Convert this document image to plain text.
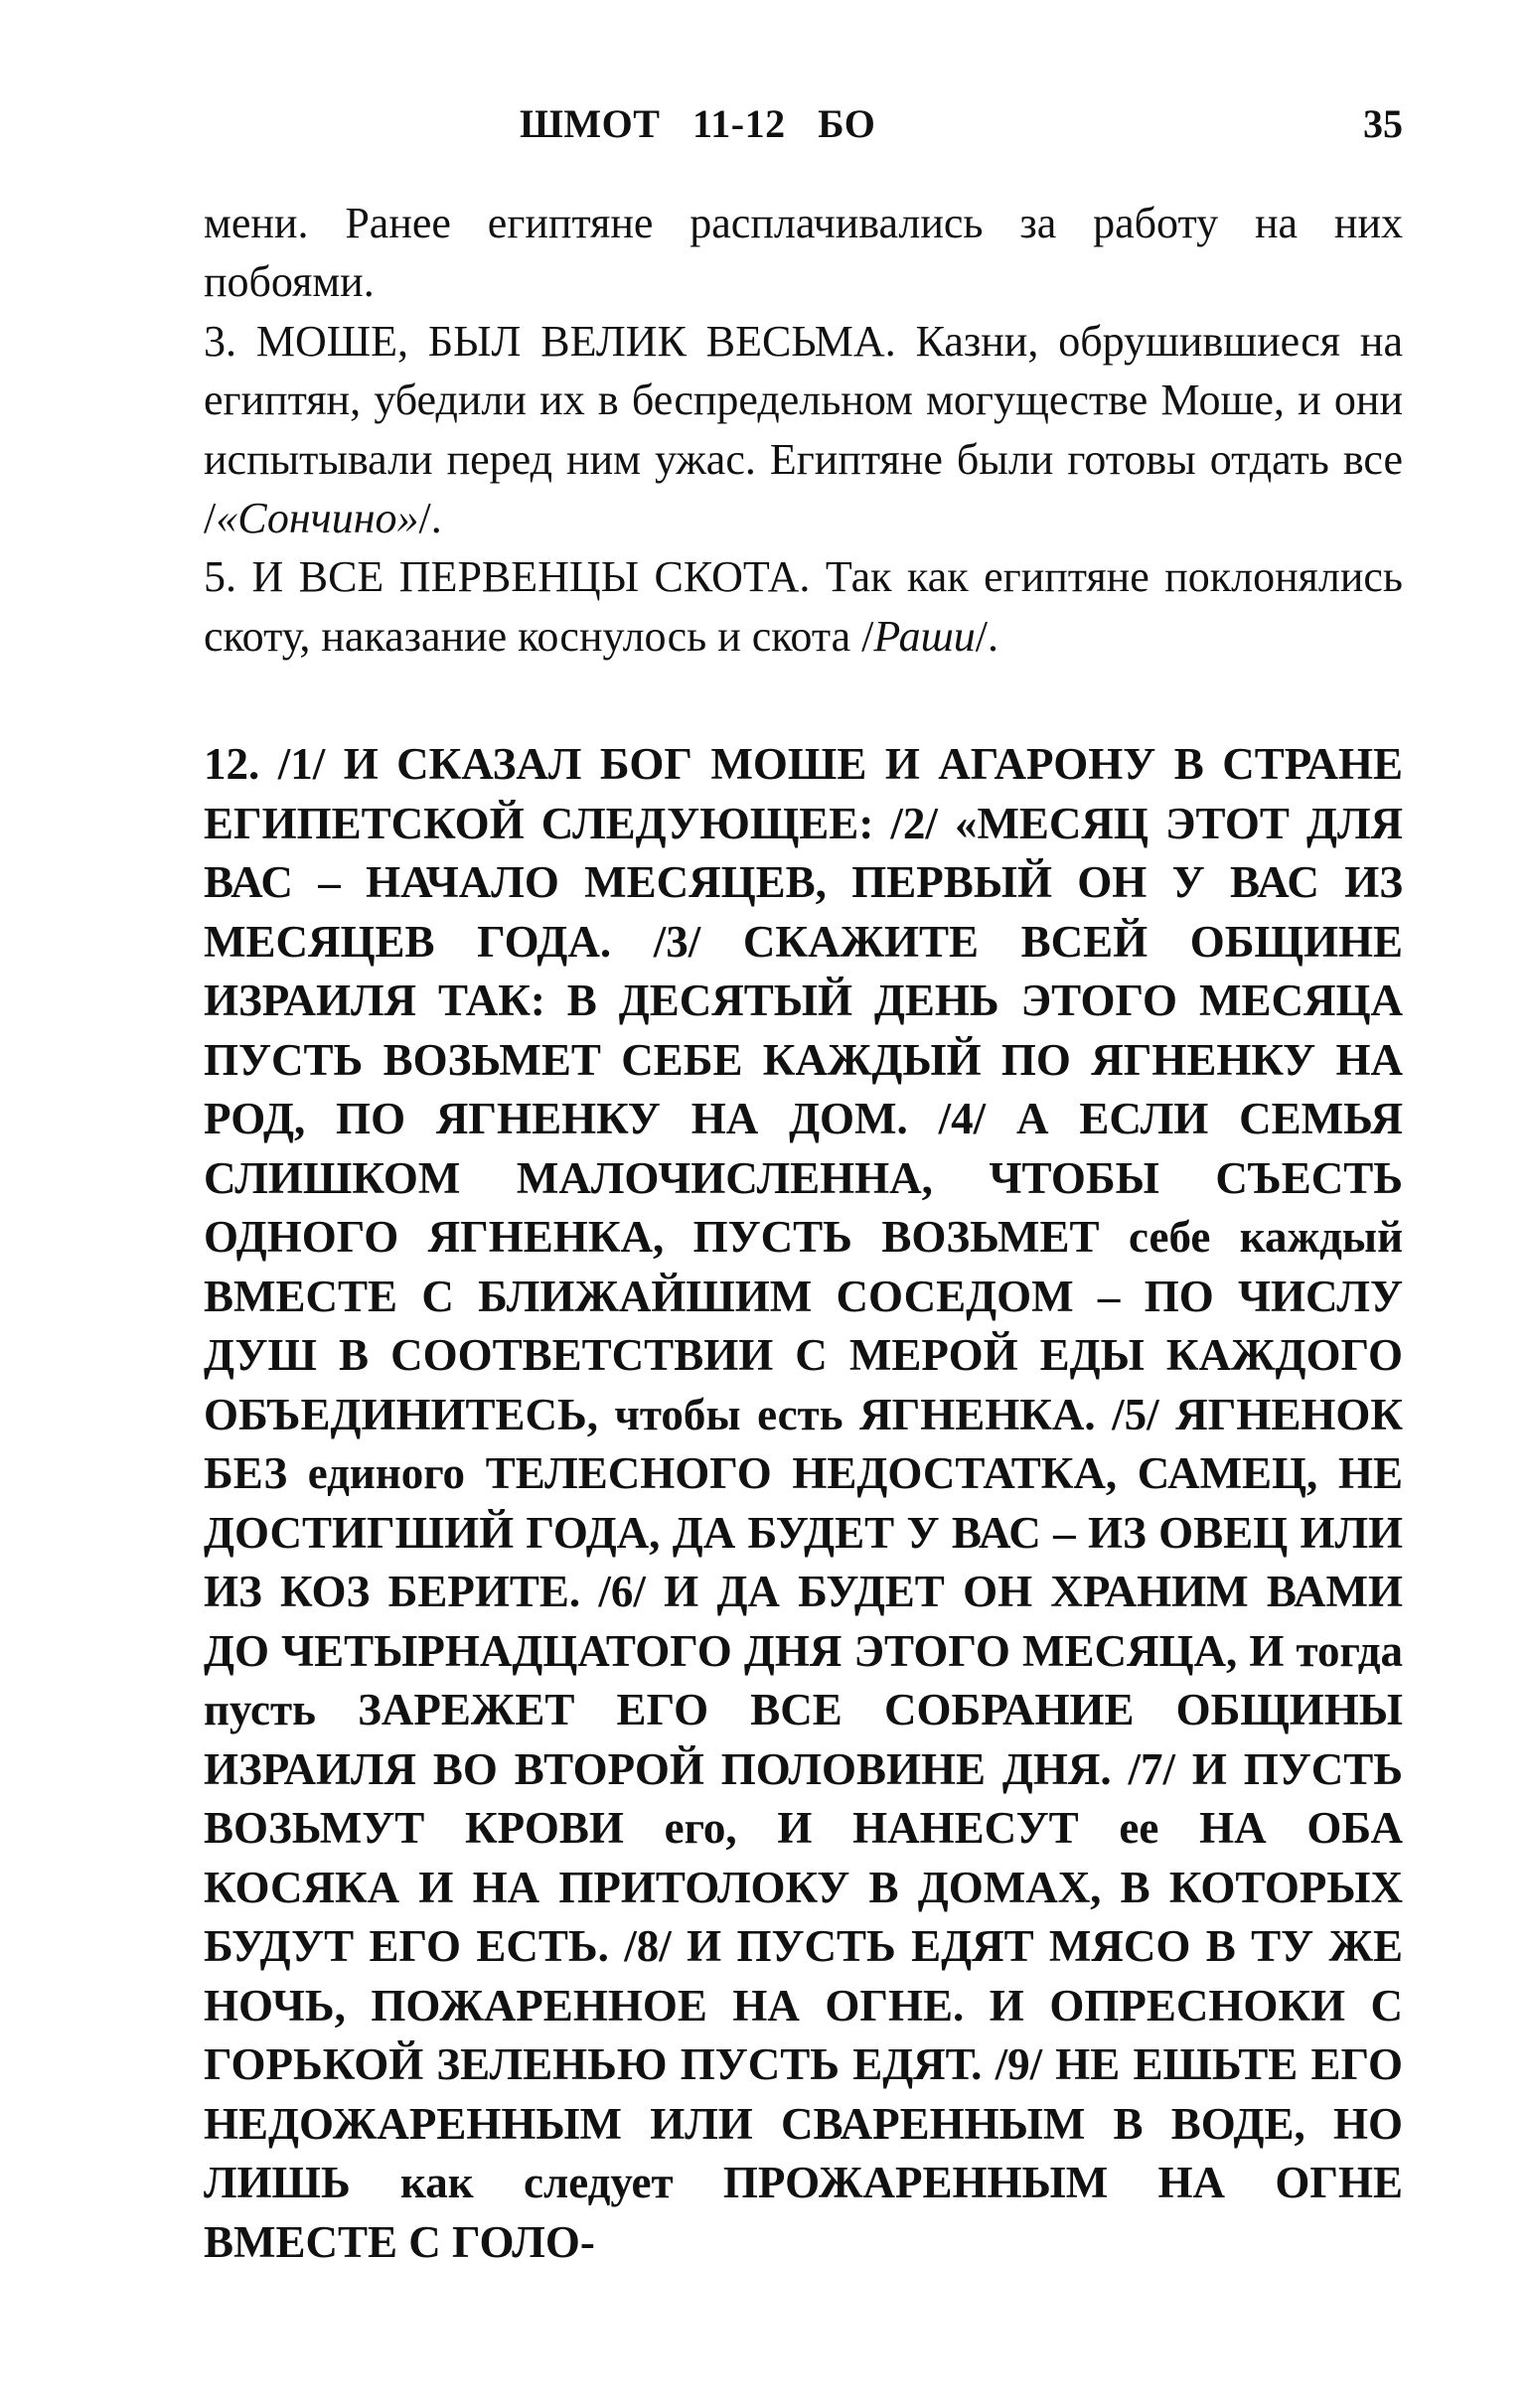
ШМОТ 11-12 БО	35

мени. Ранее египтяне расплачивались за работу на них побоями.

3. МОШЕ, БЫЛ ВЕЛИК ВЕСЬМА. Казни, обрушившиеся на египтян, убедили их в беспредельном могуществе Моше, и они испытывали перед ним ужас. Египтяне были готовы отдать все /«Сончино»/.

5. И ВСЕ ПЕРВЕНЦЫ СКОТА. Так как египтяне поклонялись скоту, наказание коснулось и скота /Раши/.

12. /1/ И СКАЗАЛ БОГ МОШЕ И АГАРОНУ В СТРАНЕ ЕГИПЕТСКОЙ СЛЕДУЮЩЕЕ: /2/ «МЕСЯЦ ЭТОТ ДЛЯ ВАС – НАЧАЛО МЕСЯЦЕВ, ПЕРВЫЙ ОН У ВАС ИЗ МЕСЯЦЕВ ГОДА. /3/ СКАЖИТЕ ВСЕЙ ОБЩИНЕ ИЗРАИЛЯ ТАК: В ДЕСЯТЫЙ ДЕНЬ ЭТОГО МЕСЯЦА ПУСТЬ ВОЗЬМЕТ СЕБЕ КАЖДЫЙ ПО ЯГНЕНКУ НА РОД, ПО ЯГНЕНКУ НА ДОМ. /4/ А ЕСЛИ СЕМЬЯ СЛИШКОМ МАЛОЧИСЛЕННА, ЧТОБЫ СЪЕСТЬ ОДНОГО ЯГНЕНКА, ПУСТЬ ВОЗЬМЕТ себе каждый ВМЕСТЕ С БЛИЖАЙШИМ СОСЕДОМ – ПО ЧИСЛУ ДУШ В СООТВЕТСТВИИ С МЕРОЙ ЕДЫ КАЖДОГО ОБЪЕДИНИТЕСЬ, чтобы есть ЯГНЕНКА. /5/ ЯГНЕНОК БЕЗ единого ТЕЛЕСНОГО НЕДОСТАТКА, САМЕЦ, НЕ ДОСТИГШИЙ ГОДА, ДА БУДЕТ У ВАС – ИЗ ОВЕЦ ИЛИ ИЗ КОЗ БЕРИТЕ. /6/ И ДА БУДЕТ ОН ХРАНИМ ВАМИ ДО ЧЕТЫРНАДЦАТОГО ДНЯ ЭТОГО МЕСЯЦА, И тогда пусть ЗАРЕЖЕТ ЕГО ВСЕ СОБРАНИЕ ОБЩИНЫ ИЗРАИЛЯ ВО ВТОРОЙ ПОЛОВИНЕ ДНЯ. /7/ И ПУСТЬ ВОЗЬМУТ КРОВИ его, И НАНЕСУТ ее НА ОБА КОСЯКА И НА ПРИТОЛОКУ В ДОМАХ, В КОТОРЫХ БУДУТ ЕГО ЕСТЬ. /8/ И ПУСТЬ ЕДЯТ МЯСО В ТУ ЖЕ НОЧЬ, ПОЖАРЕННОЕ НА ОГНЕ. И ОПРЕСНОКИ С ГОРЬКОЙ ЗЕЛЕНЬЮ ПУСТЬ ЕДЯТ. /9/ НЕ ЕШЬТЕ ЕГО НЕДОЖАРЕННЫМ ИЛИ СВАРЕННЫМ В ВОДЕ, НО ЛИШЬ как следует ПРОЖАРЕННЫМ НА ОГНЕ ВМЕСТЕ С ГОЛО-
